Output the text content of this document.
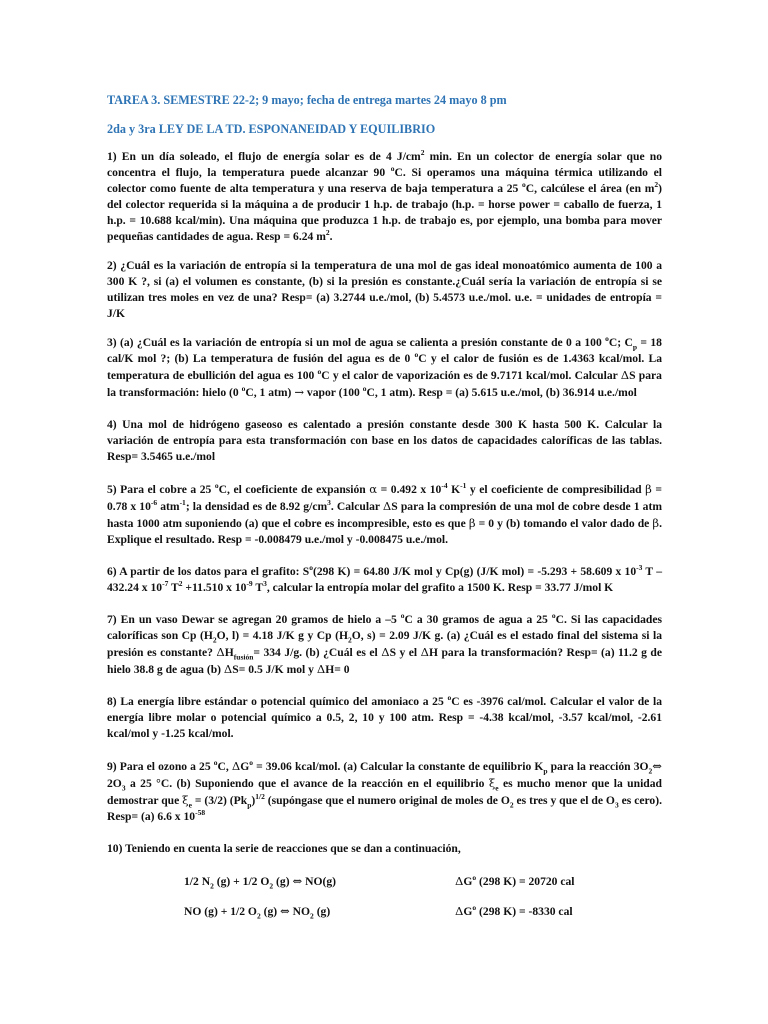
TAREA 3. SEMESTRE 22-2; 9 mayo; fecha de entrega martes 24 mayo 8 pm

2da y 3ra LEY DE LA TD. ESPONANEIDAD Y EQUILIBRIO

1) En un día soleado, el flujo de energía solar es de 4 $J/cm^2$ min. En un colector de energía solar que no concentra el flujo, la temperatura puede alcanzar 90 $^o$C. Si operamos una máquina térmica utilizando el colector como fuente de alta temperatura y una reserva de baja temperatura a 25 $^o$C, calcúlese el área (en $m^2$) del colector requerida si la máquina a de producir 1 h.p. de trabajo (h.p. = horse power = caballo de fuerza, 1 h.p. = 10.688 kcal/min). Una máquina que produzca 1 h.p. de trabajo es, por ejemplo, una bomba para mover pequeñas cantidades de agua. Resp = 6.24 $m^2$.

2) ¿Cuál es la variación de entropía si la temperatura de una mol de gas ideal monoatómico aumenta de 100 a 300 K ?, si (a) el volumen es constante, (b) si la presión es constante.¿Cuál sería la variación de entropía si se utilizan tres moles en vez de una? Resp= (a) 3.2744 u.e./mol, (b) 5.4573 u.e./mol. u.e. = unidades de entropía = J/K

3) (a) ¿Cuál es la variación de entropía si un mol de agua se calienta a presión constante de 0 a 100 $^o$C; $C_p = 18$ cal/K mol ?; (b) La temperatura de fusión del agua es de 0 $^o$C y el calor de fusión es de 1.4363 kcal/mol. La temperatura de ebullición del agua es 100 $^o$C y el calor de vaporización es de 9.7171 kcal/mol. Calcular ΔS para la transformación: hielo (0 $^o$C, 1 atm) → vapor (100 $^o$C, 1 atm). Resp = (a) 5.615 u.e./mol, (b) 36.914 u.e./mol

4) Una mol de hidrógeno gaseoso es calentado a presión constante desde 300 K hasta 500 K. Calcular la variación de entropía para esta transformación con base en los datos de capacidades caloríficas de las tablas. Resp= 3.5465 u.e./mol

5) Para el cobre a 25 $^o$C, el coeficiente de expansión α = 0.492 x $10^{-4}$ $K^{-1}$ y el coeficiente de compresibilidad β = 0.78 x $10^{-6}$ atm$^{-1}$; la densidad es de 8.92 $g/cm^3$. Calcular ΔS para la compresión de una mol de cobre desde 1 atm hasta 1000 atm suponiendo (a) que el cobre es incompresible, esto es que β = 0 y (b) tomando el valor dado de β. Explique el resultado. Resp = -0.008479 u.e./mol y -0.008475 u.e./mol.

6) A partir de los datos para el grafito: $S^o(298$ K) = 64.80 J/K mol y Cp(g) (J/K mol) = -5.293 + 58.609 x $10^{-3}$ T – 432.24 x $10^{-7}$ $T^2 +11.510$ x $10^{-9}$ $T^3$, calcular la entropía molar del grafito a 1500 K. Resp = 33.77 J/mol K

7) En un vaso Dewar se agregan 20 gramos de hielo a –5 $^o$C a 30 gramos de agua a 25 $^o$C. Si las capacidades caloríficas son Cp ($H_2O$, l) = 4.18 J/K g y Cp ($H_2O$, s) = 2.09 J/K g. (a) ¿Cuál es el estado final del sistema si la presión es constante? $\Delta H_{fusión}= 334$ J/g. (b) ¿Cuál es el ΔS y el ΔH para la transformación? Resp= (a) 11.2 g de hielo 38.8 g de agua (b) ΔS= 0.5 J/K mol y ΔH= 0

8) La energía libre estándar o potencial químico del amoniaco a 25 $^o$C es -3976 cal/mol. Calcular el valor de la energía libre molar o potencial químico a 0.5, 2, 10 y 100 atm. Resp = -4.38 kcal/mol, -3.57 kcal/mol, -2.61 kcal/mol y -1.25 kcal/mol.

9) Para el ozono a 25 $^o$C, $\Delta G^o = 39.06$ kcal/mol. (a) Calcular la constante de equilibrio $K_p$ para la reacción $3O_2\Leftrightarrow$ $2O_3$ a 25 °C. (b) Suponiendo que el avance de la reacción en el equilibrio $\xi_e$ es mucho menor que la unidad demostrar que $\xi_e = (3/2)$ $(Pk_p)^{1/2}$ (supóngase que el numero original de moles de $O_2$ es tres y que el de $O_3$ es cero). Resp= (a) 6.6 x $10^{-58}$

10) Teniendo en cuenta la serie de reacciones que se dan a continuación,

1/2 $N_2$ (g) + 1/2 $O_2$ (g) ⇔ NO(g)	$\Delta G^o$ (298 K) = 20720 cal
NO (g) + 1/2 $O_2$ (g) ⇔ $NO_2$ (g)	$\Delta G^o$ (298 K) = -8330 cal
